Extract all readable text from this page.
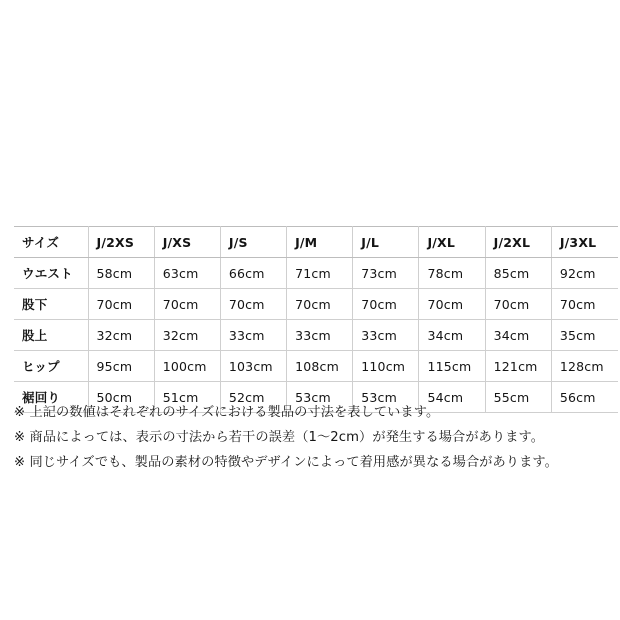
サイズ	J/2XS	J/XS	J/S	J/M	J/L	J/XL	J/2XL	J/3XL
ウエスト	58cm	63cm	66cm	71cm	73cm	78cm	85cm	92cm
股下	70cm	70cm	70cm	70cm	70cm	70cm	70cm	70cm
股上	32cm	32cm	33cm	33cm	33cm	34cm	34cm	35cm
ヒップ	95cm	100cm	103cm	108cm	110cm	115cm	121cm	128cm
裾回り	50cm	51cm	52cm	53cm	53cm	54cm	55cm	56cm
※ 上記の数値はそれぞれのサイズにおける製品の寸法を表しています。
※ 商品によっては、表示の寸法から若干の誤差（1〜2cm）が発生する場合があります。
※ 同じサイズでも、製品の素材の特徴やデザインによって着用感が異なる場合があります。
